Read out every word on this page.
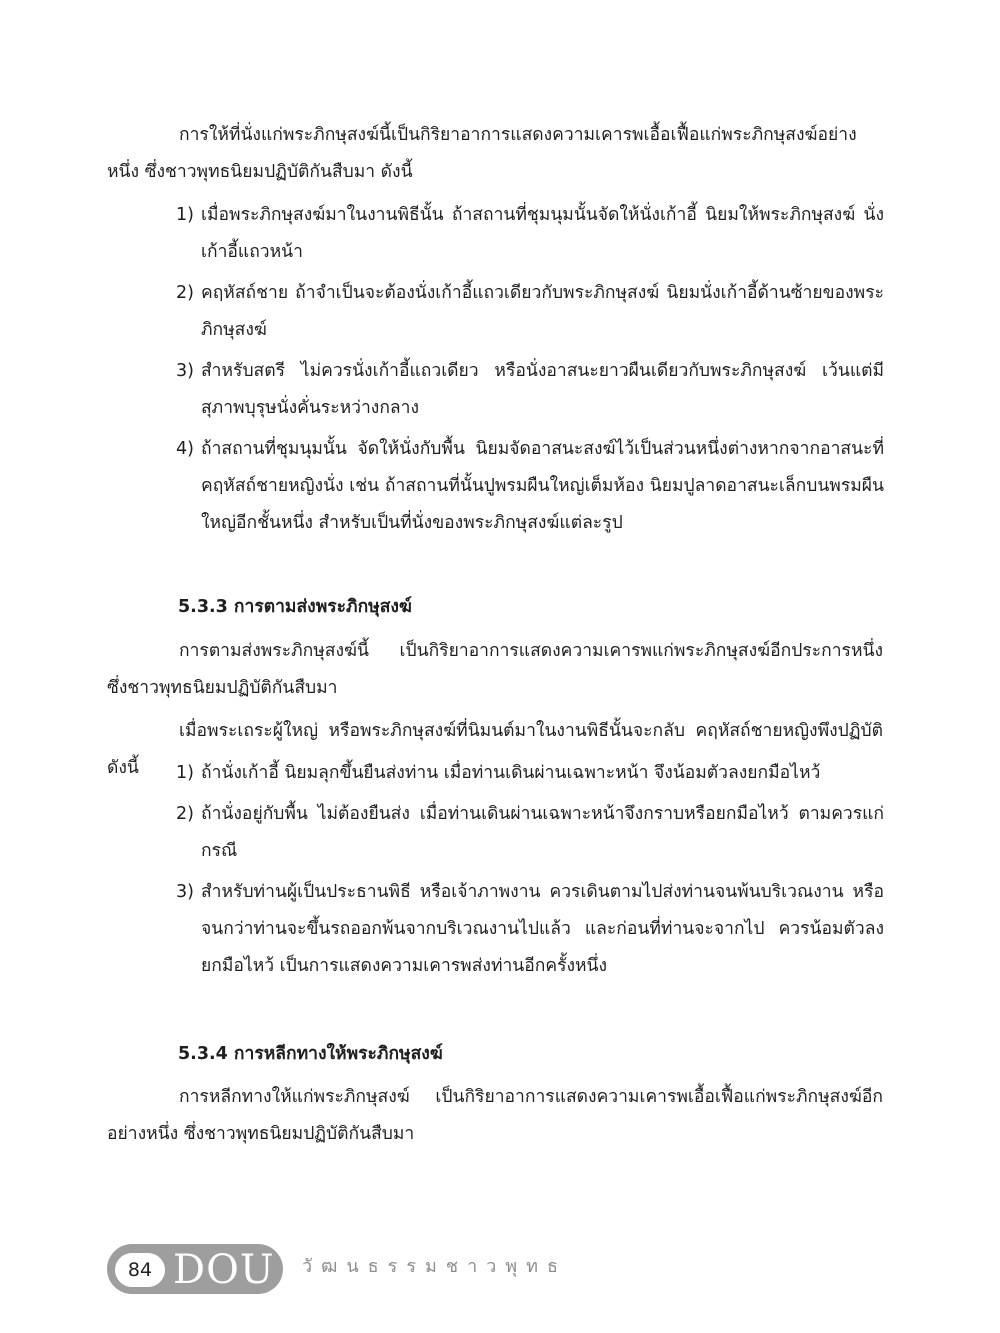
การให้ที่นั่งแก่พระภิกษุสงฆ์นี้เป็นกิริยาอาการแสดงความเคารพเอื้อเฟื้อแก่พระภิกษุสงฆ์อย่างหนึ่ง ซึ่งชาวพุทธนิยมปฏิบัติกันสืบมา ดังนี้

1) เมื่อพระภิกษุสงฆ์มาในงานพิธีนั้น ถ้าสถานที่ชุมนุมนั้นจัดให้นั่งเก้าอี้ นิยมให้พระภิกษุสงฆ์ นั่งเก้าอี้แถวหน้า
2) คฤหัสถ์ชาย ถ้าจำเป็นจะต้องนั่งเก้าอี้แถวเดียวกับพระภิกษุสงฆ์ นิยมนั่งเก้าอี้ด้านซ้ายของพระภิกษุสงฆ์
3) สำหรับสตรี ไม่ควรนั่งเก้าอี้แถวเดียว หรือนั่งอาสนะยาวผืนเดียวกับพระภิกษุสงฆ์ เว้นแต่มีสุภาพบุรุษนั่งคั่นระหว่างกลาง
4) ถ้าสถานที่ชุมนุมนั้น จัดให้นั่งกับพื้น นิยมจัดอาสนะสงฆ์ไว้เป็นส่วนหนึ่งต่างหากจากอาสนะที่คฤหัสถ์ชายหญิงนั่ง เช่น ถ้าสถานที่นั้นปูพรมผืนใหญ่เต็มห้อง นิยมปูลาดอาสนะเล็กบนพรมผืนใหญ่อีกชั้นหนึ่ง สำหรับเป็นที่นั่งของพระภิกษุสงฆ์แต่ละรูป
5.3.3 การตามส่งพระภิกษุสงฆ์

การตามส่งพระภิกษุสงฆ์นี้ เป็นกิริยาอาการแสดงความเคารพแก่พระภิกษุสงฆ์อีกประการหนึ่ง ซึ่งชาวพุทธนิยมปฏิบัติกันสืบมา

เมื่อพระเถระผู้ใหญ่ หรือพระภิกษุสงฆ์ที่นิมนต์มาในงานพิธีนั้นจะกลับ คฤหัสถ์ชายหญิงพึงปฏิบัติดังนี้	1) ถ้านั่งเก้าอี้ นิยมลุกขึ้นยืนส่งท่าน เมื่อท่านเดินผ่านเฉพาะหน้า จึงน้อมตัวลงยกมือไหว้
2) ถ้านั่งอยู่กับพื้น ไม่ต้องยืนส่ง เมื่อท่านเดินผ่านเฉพาะหน้าจึงกราบหรือยกมือไหว้ ตามควรแก่กรณี
3) สำหรับท่านผู้เป็นประธานพิธี หรือเจ้าภาพงาน ควรเดินตามไปส่งท่านจนพ้นบริเวณงาน หรือจนกว่าท่านจะขึ้นรถออกพ้นจากบริเวณงานไปแล้ว และก่อนที่ท่านจะจากไป ควรน้อมตัวลงยกมือไหว้ เป็นการแสดงความเคารพส่งท่านอีกครั้งหนึ่ง
5.3.4 การหลีกทางให้พระภิกษุสงฆ์

การหลีกทางให้แก่พระภิกษุสงฆ์ เป็นกิริยาอาการแสดงความเคารพเอื้อเฟื้อแก่พระภิกษุสงฆ์อีกอย่างหนึ่ง ซึ่งชาวพุทธนิยมปฏิบัติกันสืบมา

84 DOU วัฒนธรรมชาวพุทธ
